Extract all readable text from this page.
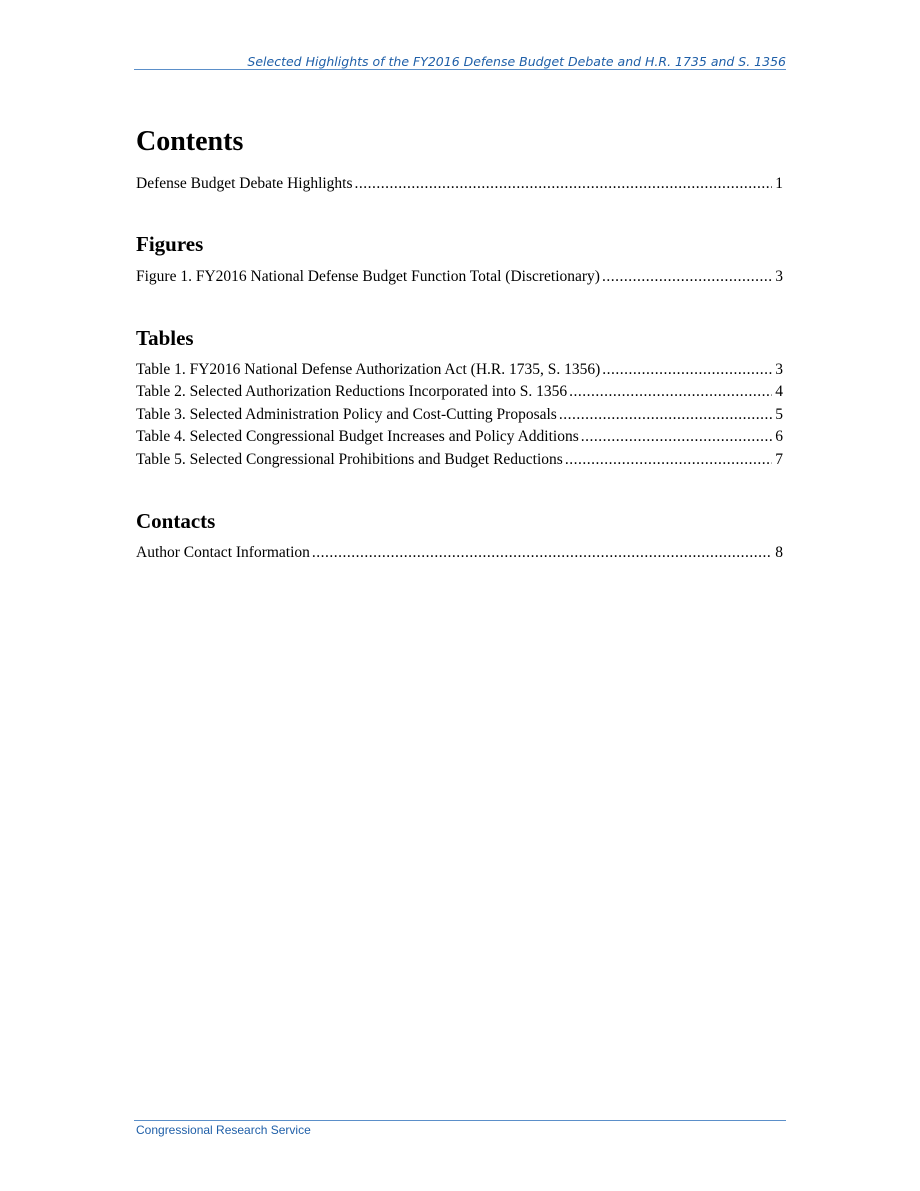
Selected Highlights of the FY2016 Defense Budget Debate and H.R. 1735 and S. 1356
Contents
Defense Budget Debate Highlights .....	1
Figures
Figure 1. FY2016 National Defense Budget Function Total (Discretionary) .....	3
Tables
Table 1. FY2016 National Defense Authorization Act (H.R. 1735, S. 1356) .....	3
Table 2. Selected Authorization Reductions Incorporated into S. 1356 .....	4
Table 3. Selected Administration Policy and Cost-Cutting Proposals .....	5
Table 4. Selected Congressional Budget Increases and Policy Additions .....	6
Table 5. Selected Congressional Prohibitions and Budget Reductions .....	7
Contacts
Author Contact Information .....	8
Congressional Research Service
